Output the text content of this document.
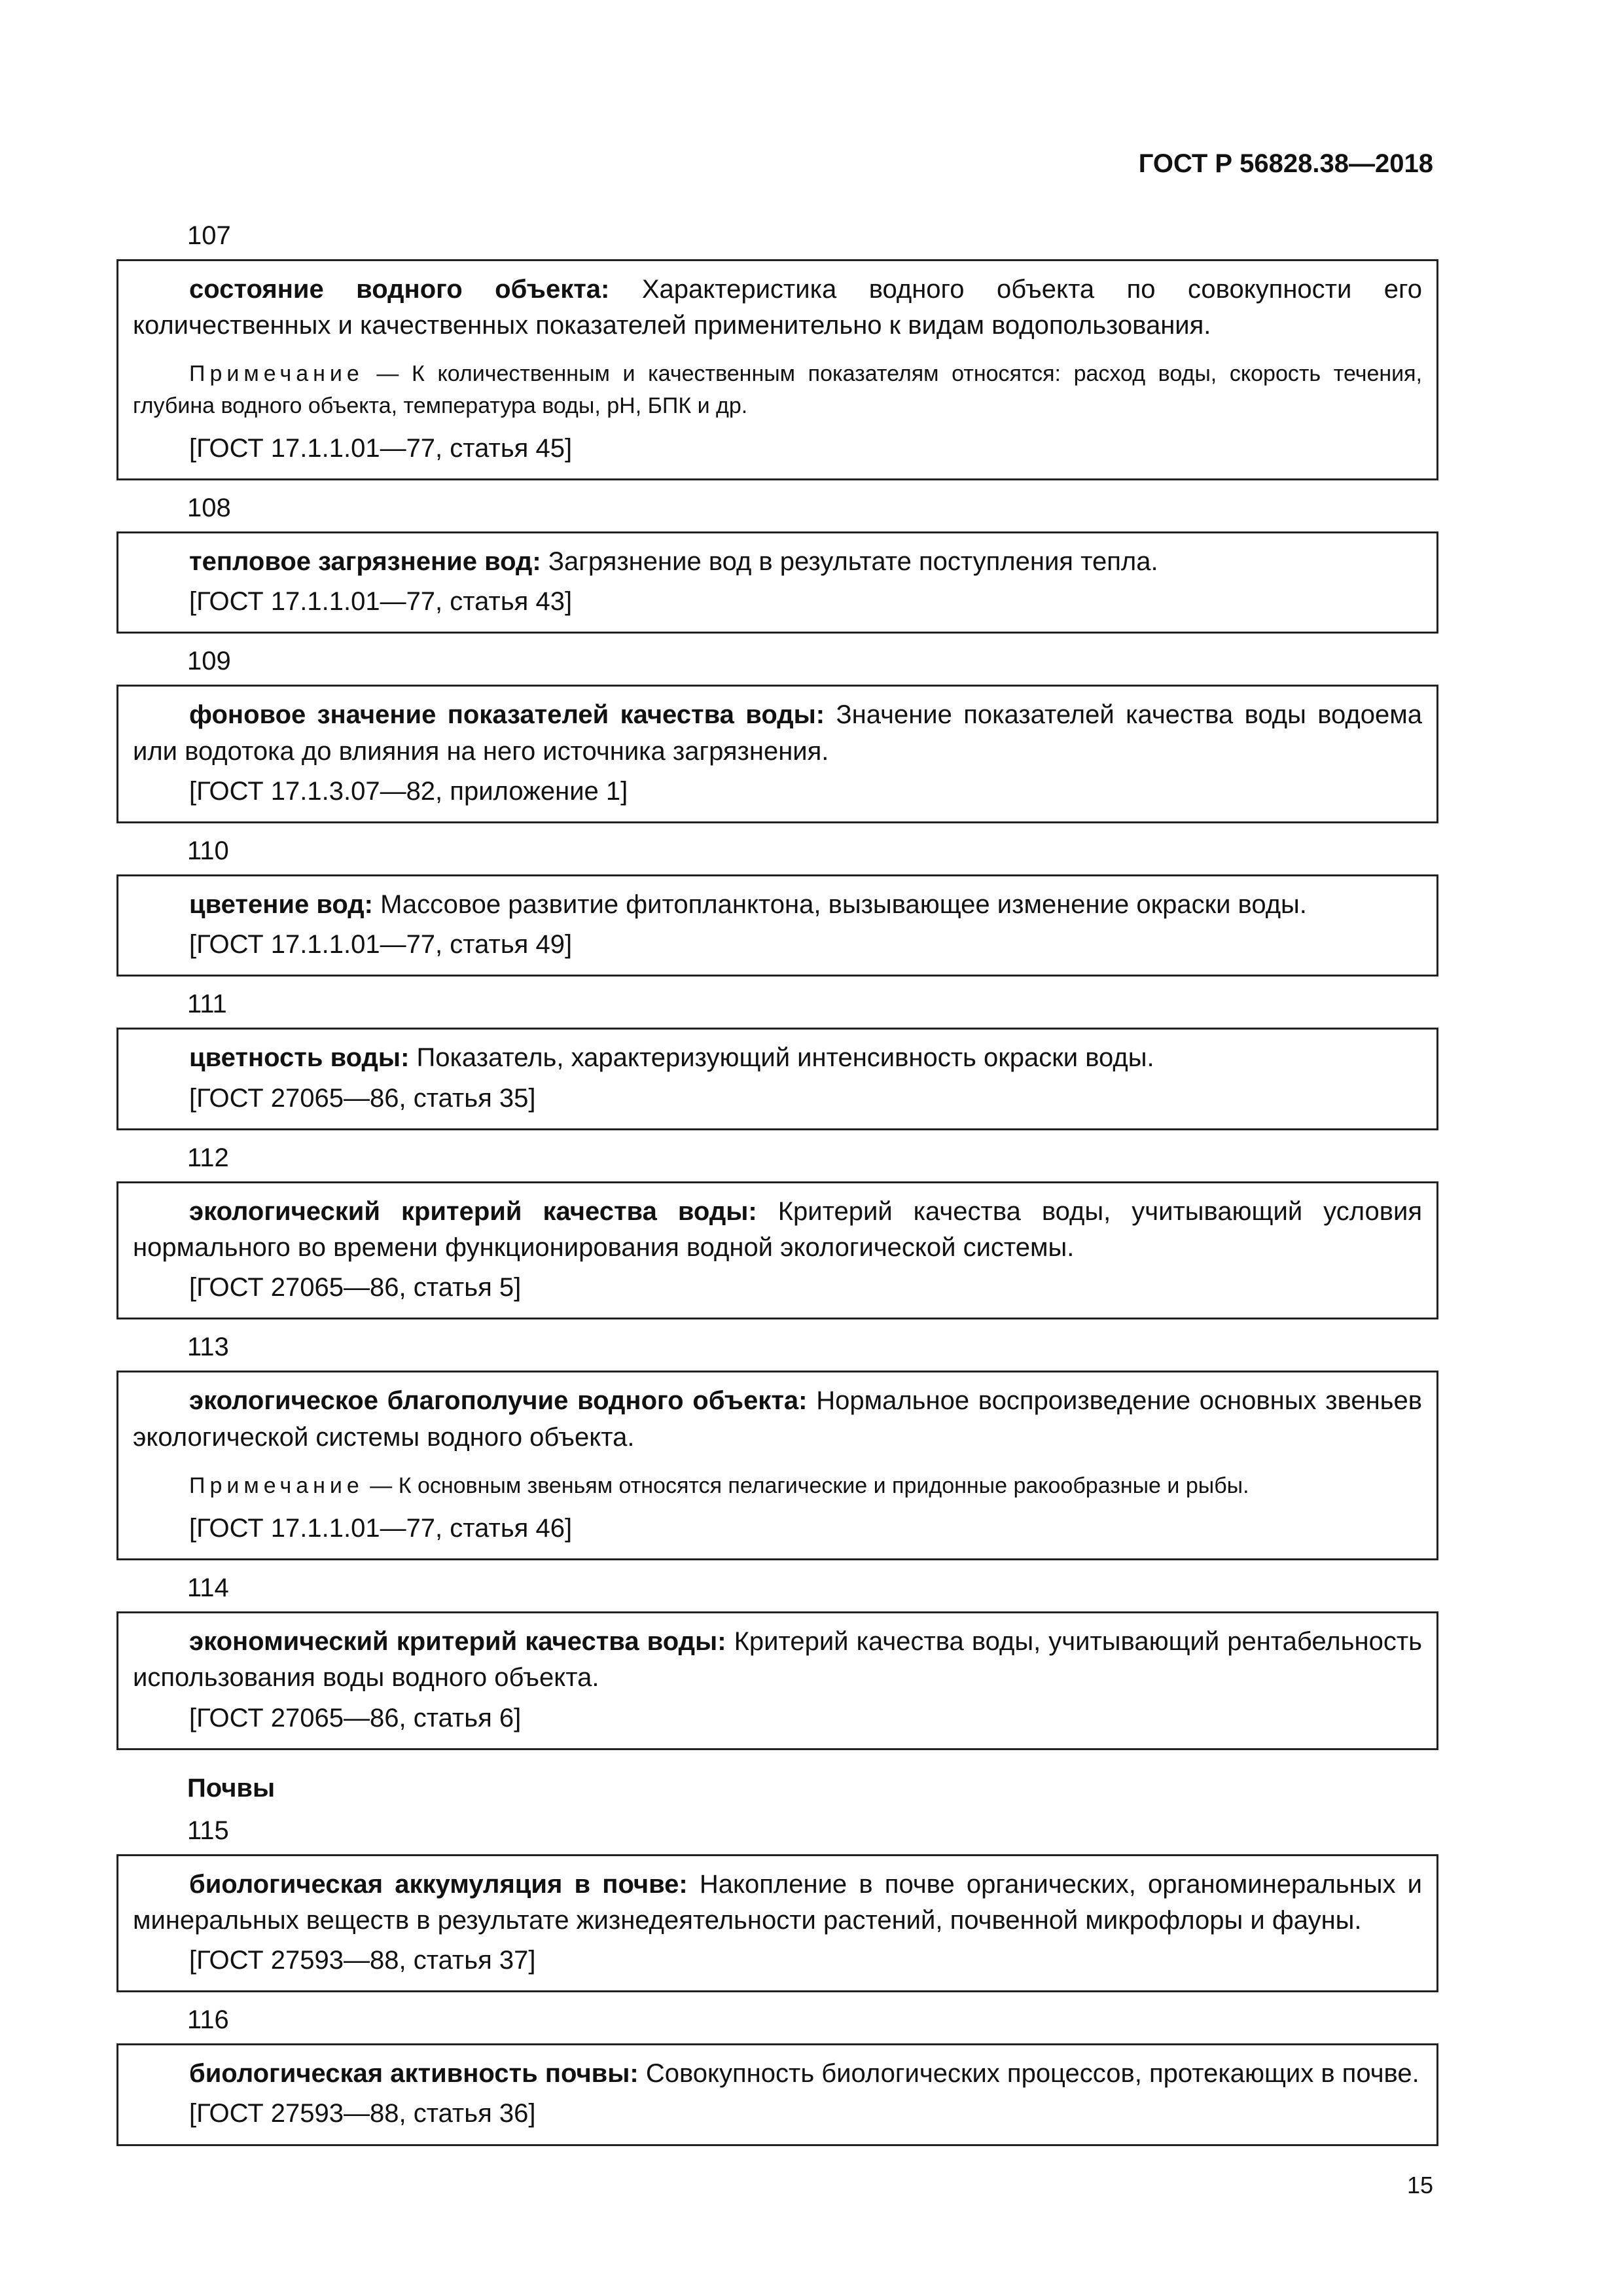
ГОСТ Р 56828.38—2018
107

состояние водного объекта: Характеристика водного объекта по совокупности его количественных и качественных показателей применительно к видам водопользования.

Примечание — К количественным и качественным показателям относятся: расход воды, скорость течения, глубина водного объекта, температура воды, рН, БПК и др.

[ГОСТ 17.1.1.01—77, статья 45]

108

тепловое загрязнение вод: Загрязнение вод в результате поступления тепла.

[ГОСТ 17.1.1.01—77, статья 43]

109

фоновое значение показателей качества воды: Значение показателей качества воды водоема или водотока до влияния на него источника загрязнения.

[ГОСТ 17.1.3.07—82, приложение 1]

110

цветение вод: Массовое развитие фитопланктона, вызывающее изменение окраски воды.

[ГОСТ 17.1.1.01—77, статья 49]

111

цветность воды: Показатель, характеризующий интенсивность окраски воды.

[ГОСТ 27065—86, статья 35]

112

экологический критерий качества воды: Критерий качества воды, учитывающий условия нормального во времени функционирования водной экологической системы.

[ГОСТ 27065—86, статья 5]

113

экологическое благополучие водного объекта: Нормальное воспроизведение основных звеньев экологической системы водного объекта.

Примечание — К основным звеньям относятся пелагические и придонные ракообразные и рыбы.

[ГОСТ 17.1.1.01—77, статья 46]

114

экономический критерий качества воды: Критерий качества воды, учитывающий рентабельность использования воды водного объекта.

[ГОСТ 27065—86, статья 6]

Почвы
115

биологическая аккумуляция в почве: Накопление в почве органических, органоминеральных и минеральных веществ в результате жизнедеятельности растений, почвенной микрофлоры и фауны.

[ГОСТ 27593—88, статья 37]

116

биологическая активность почвы: Совокупность биологических процессов, протекающих в почве.

[ГОСТ 27593—88, статья 36]

15
